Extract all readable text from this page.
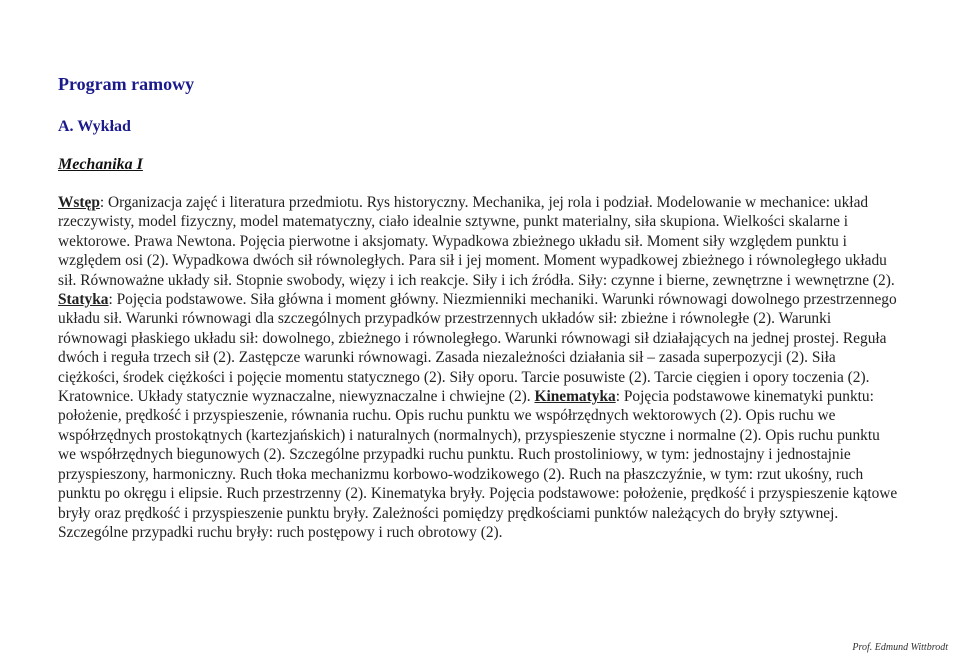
Program ramowy
A. Wykład
Mechanika I
Wstęp: Organizacja zajęć i literatura przedmiotu. Rys historyczny. Mechanika, jej rola i podział. Modelowanie w mechanice: układ rzeczywisty, model fizyczny, model matematyczny, ciało idealnie sztywne, punkt materialny, siła skupiona. Wielkości skalarne i wektorowe. Prawa Newtona. Pojęcia pierwotne i aksjomaty. Wypadkowa zbieżnego układu sił. Moment siły względem punktu i względem osi (2). Wypadkowa dwóch sił równoległych. Para sił i jej moment. Moment wypadkowej zbieżnego i równoległego układu sił. Równoważne układy sił. Stopnie swobody, więzy i ich reakcje. Siły i ich źródła. Siły: czynne i bierne, zewnętrzne i wewnętrzne (2). Statyka: Pojęcia podstawowe. Siła główna i moment główny. Niezmienniki mechaniki. Warunki równowagi dowolnego przestrzennego układu sił. Warunki równowagi dla szczególnych przypadków przestrzennych układów sił: zbieżne i równoległe (2). Warunki równowagi płaskiego układu sił: dowolnego, zbieżnego i równoległego. Warunki równowagi sił działających na jednej prostej. Reguła dwóch i reguła trzech sił (2). Zastępcze warunki równowagi. Zasada niezależności działania sił – zasada superpozycji (2). Siła ciężkości, środek ciężkości i pojęcie momentu statycznego (2). Siły oporu. Tarcie posuwiste (2). Tarcie cięgien i opory toczenia (2). Kratownice. Układy statycznie wyznaczalne, niewyznaczalne i chwiejne (2). Kinematyka: Pojęcia podstawowe kinematyki punktu: położenie, prędkość i przyspieszenie, równania ruchu. Opis ruchu punktu we współrzędnych wektorowych (2). Opis ruchu we współrzędnych prostokątnych (kartezjańskich) i naturalnych (normalnych), przyspieszenie styczne i normalne (2). Opis ruchu punktu we współrzędnych biegunowych (2). Szczególne przypadki ruchu punktu. Ruch prostoliniowy, w tym: jednostajny i jednostajnie przyspieszony, harmoniczny. Ruch tłoka mechanizmu korbowo-wodzikowego (2). Ruch na płaszczyźnie, w tym: rzut ukośny, ruch punktu po okręgu i elipsie. Ruch przestrzenny (2). Kinematyka bryły. Pojęcia podstawowe: położenie, prędkość i przyspieszenie kątowe bryły oraz prędkość i przyspieszenie punktu bryły. Zależności pomiędzy prędkościami punktów należących do bryły sztywnej. Szczególne przypadki ruchu bryły: ruch postępowy i ruch obrotowy (2).
Prof. Edmund Wittbrodt
